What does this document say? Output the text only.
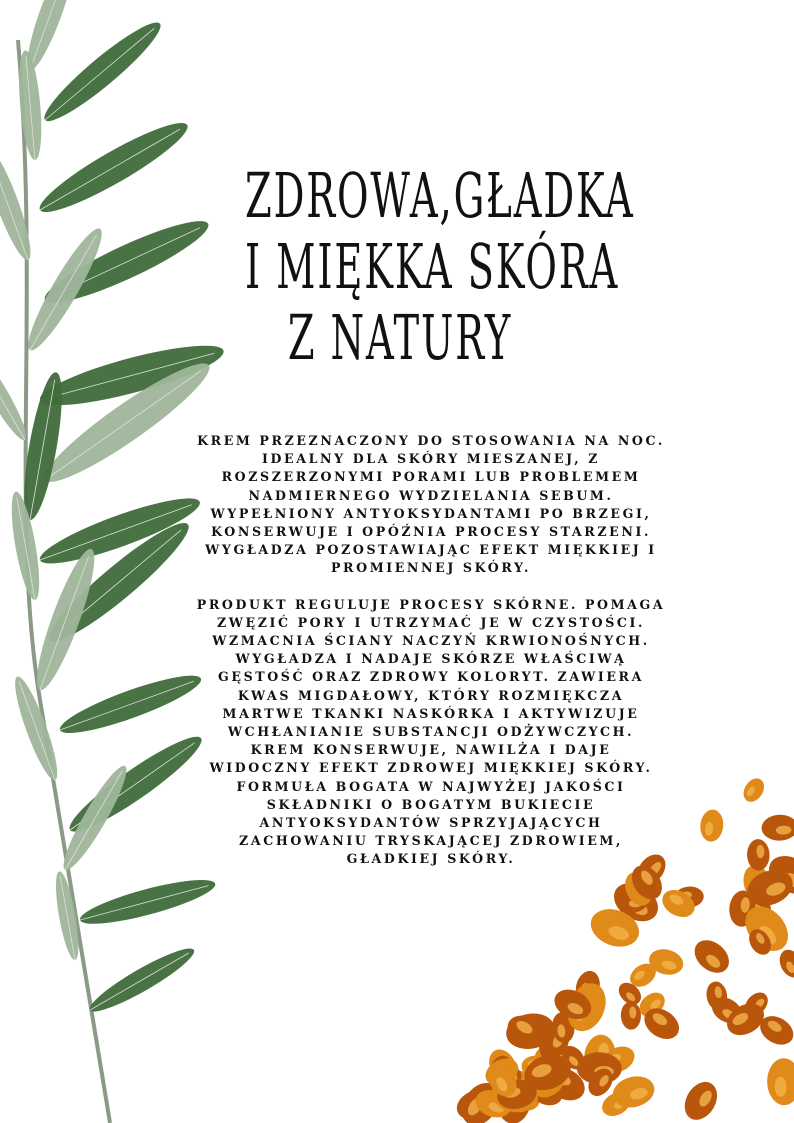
ZDROWA,GŁADKA
I MIĘKKA SKÓRA
Z NATURY

KREM PRZEZNACZONY DO STOSOWANIA NA NOC. IDEALNY DLA SKÓRY MIESZANEJ, Z ROZSZERZONYMI PORAMI LUB PROBLEMEM NADMIERNEGO WYDZIELANIA SEBUM. WYPEŁNIONY ANTYOKSYDANTAMI PO BRZEGI, KONSERWUJE I OPÓŹNIA PROCESY STARZENI. WYGŁADZA POZOSTAWIAJĄC EFEKT MIĘKKIEJ I PROMIENNEJ SKÓRY.

PRODUKT REGULUJE PROCESY SKÓRNE. POMAGA ZWĘZIĆ PORY I UTRZYMAĆ JE W CZYSTOŚCI. WZMACNIA ŚCIANY NACZYŃ KRWIONOŚNYCH. WYGŁADZA I NADAJE SKÓRZE WŁAŚCIWĄ GĘSTOŚĆ ORAZ ZDROWY KOLORYT. ZAWIERA KWAS MIGDAŁOWY, KTÓRY ROZMIĘKCZA MARTWE TKANKI NASKÓRKA I AKTYWIZUJE WCHŁANIANIE SUBSTANCJI ODŻYWCZYCH.

KREM KONSERWUJE, NAWILŻA I DAJE WIDOCZNY EFEKT ZDROWEJ MIĘKKIEJ SKÓRY.

FORMUŁA BOGATA W NAJWYŻEJ JAKOŚCI SKŁADNIKI O BOGATYM BUKIECIE ANTYOKSYDANTÓW SPRZYJAJĄCYCH ZACHOWANIU TRYSKAJĄCEJ ZDROWIEM, GŁADKIEJ SKÓRY.
